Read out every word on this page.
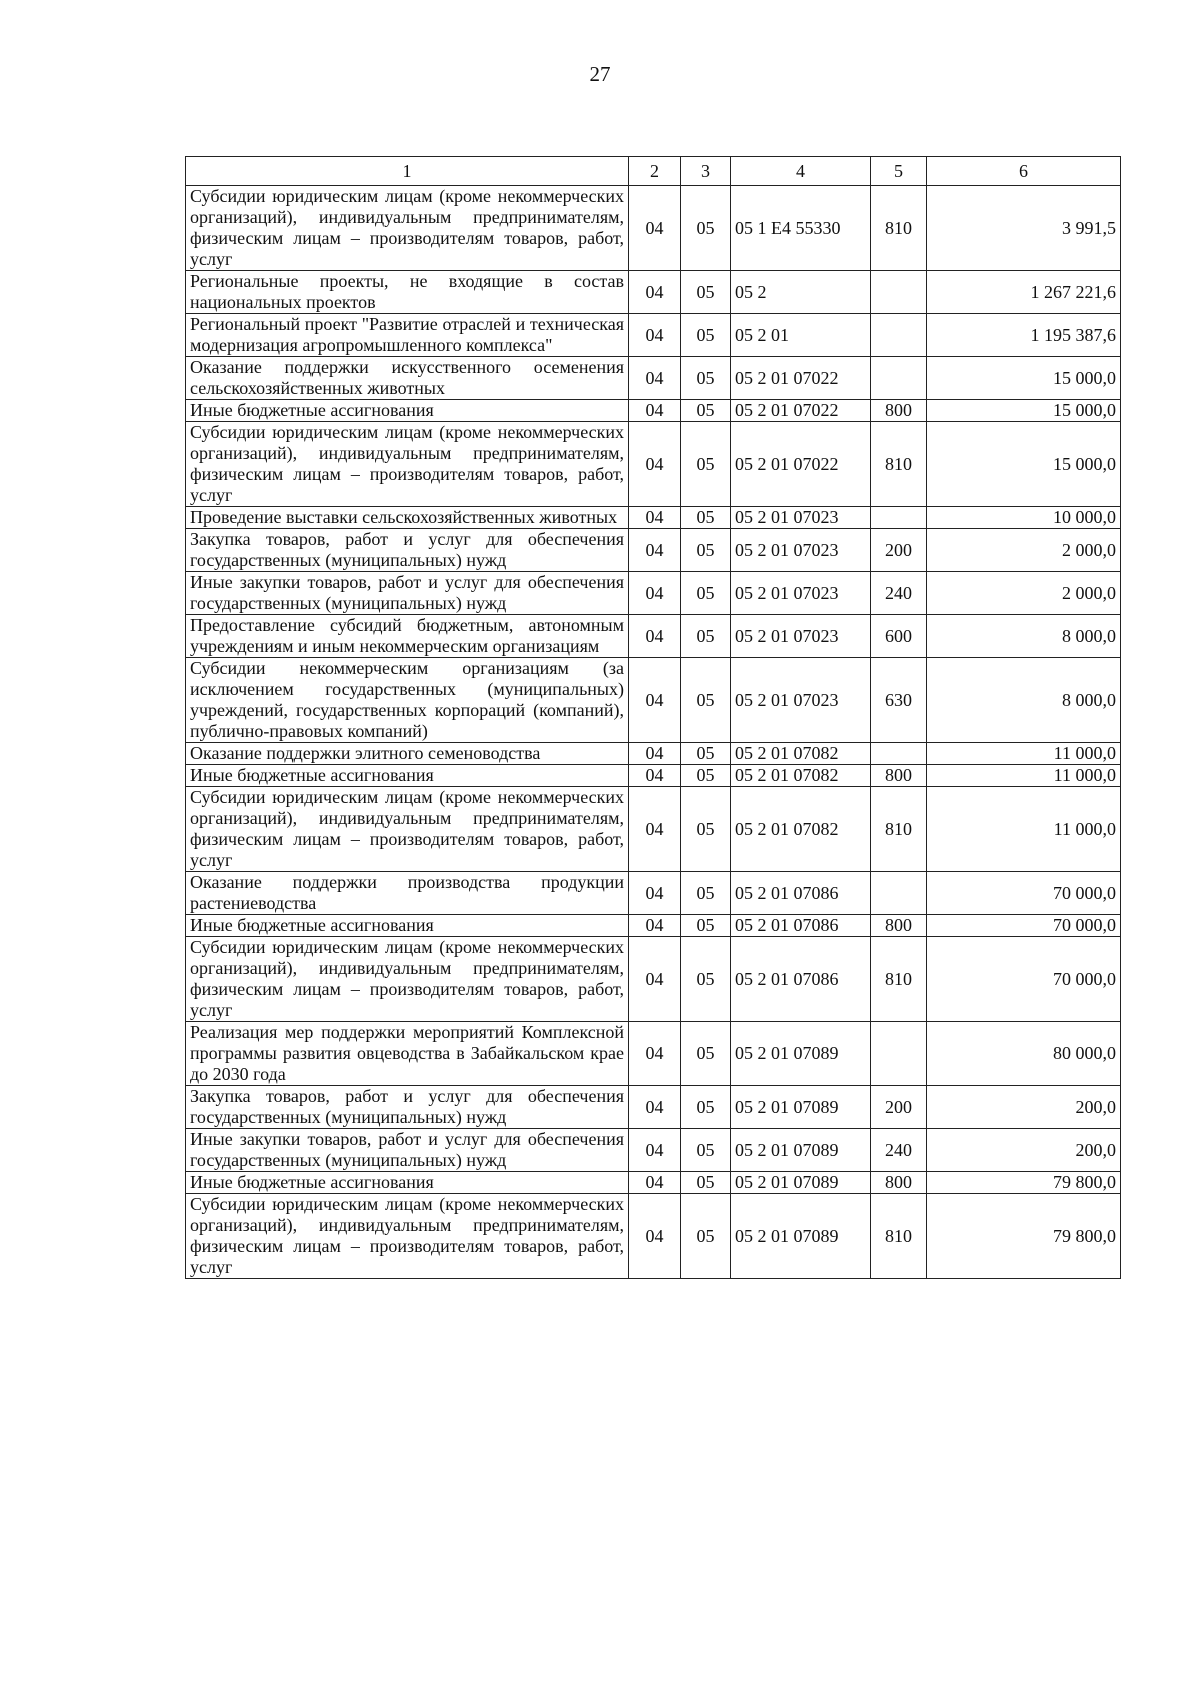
27
1	2	3	4	5	6
Субсидии юридическим лицам (кроме некоммерческих организаций), индивидуальным предпринимателям, физическим лицам – производителям товаров, работ, услуг	04	05	05 1 E4 55330	810	3 991,5
Региональные проекты, не входящие в состав национальных проектов	04	05	05 2		1 267 221,6
Региональный проект "Развитие отраслей и техническая модернизация агропромышленного комплекса"	04	05	05 2 01		1 195 387,6
Оказание поддержки искусственного осеменения сельскохозяйственных животных	04	05	05 2 01 07022		15 000,0
Иные бюджетные ассигнования	04	05	05 2 01 07022	800	15 000,0
Субсидии юридическим лицам (кроме некоммерческих организаций), индивидуальным предпринимателям, физическим лицам – производителям товаров, работ, услуг	04	05	05 2 01 07022	810	15 000,0
Проведение выставки сельскохозяйственных животных	04	05	05 2 01 07023		10 000,0
Закупка товаров, работ и услуг для обеспечения государственных (муниципальных) нужд	04	05	05 2 01 07023	200	2 000,0
Иные закупки товаров, работ и услуг для обеспечения государственных (муниципальных) нужд	04	05	05 2 01 07023	240	2 000,0
Предоставление субсидий бюджетным, автономным учреждениям и иным некоммерческим организациям	04	05	05 2 01 07023	600	8 000,0
Субсидии некоммерческим организациям (за исключением государственных (муниципальных) учреждений, государственных корпораций (компаний), публично-правовых компаний)	04	05	05 2 01 07023	630	8 000,0
Оказание поддержки элитного семеноводства	04	05	05 2 01 07082		11 000,0
Иные бюджетные ассигнования	04	05	05 2 01 07082	800	11 000,0
Субсидии юридическим лицам (кроме некоммерческих организаций), индивидуальным предпринимателям, физическим лицам – производителям товаров, работ, услуг	04	05	05 2 01 07082	810	11 000,0
Оказание поддержки производства продукции растениеводства	04	05	05 2 01 07086		70 000,0
Иные бюджетные ассигнования	04	05	05 2 01 07086	800	70 000,0
Субсидии юридическим лицам (кроме некоммерческих организаций), индивидуальным предпринимателям, физическим лицам – производителям товаров, работ, услуг	04	05	05 2 01 07086	810	70 000,0
Реализация мер поддержки мероприятий Комплексной программы развития овцеводства в Забайкальском крае до 2030 года	04	05	05 2 01 07089		80 000,0
Закупка товаров, работ и услуг для обеспечения государственных (муниципальных) нужд	04	05	05 2 01 07089	200	200,0
Иные закупки товаров, работ и услуг для обеспечения государственных (муниципальных) нужд	04	05	05 2 01 07089	240	200,0
Иные бюджетные ассигнования	04	05	05 2 01 07089	800	79 800,0
Субсидии юридическим лицам (кроме некоммерческих организаций), индивидуальным предпринимателям, физическим лицам – производителям товаров, работ, услуг	04	05	05 2 01 07089	810	79 800,0
